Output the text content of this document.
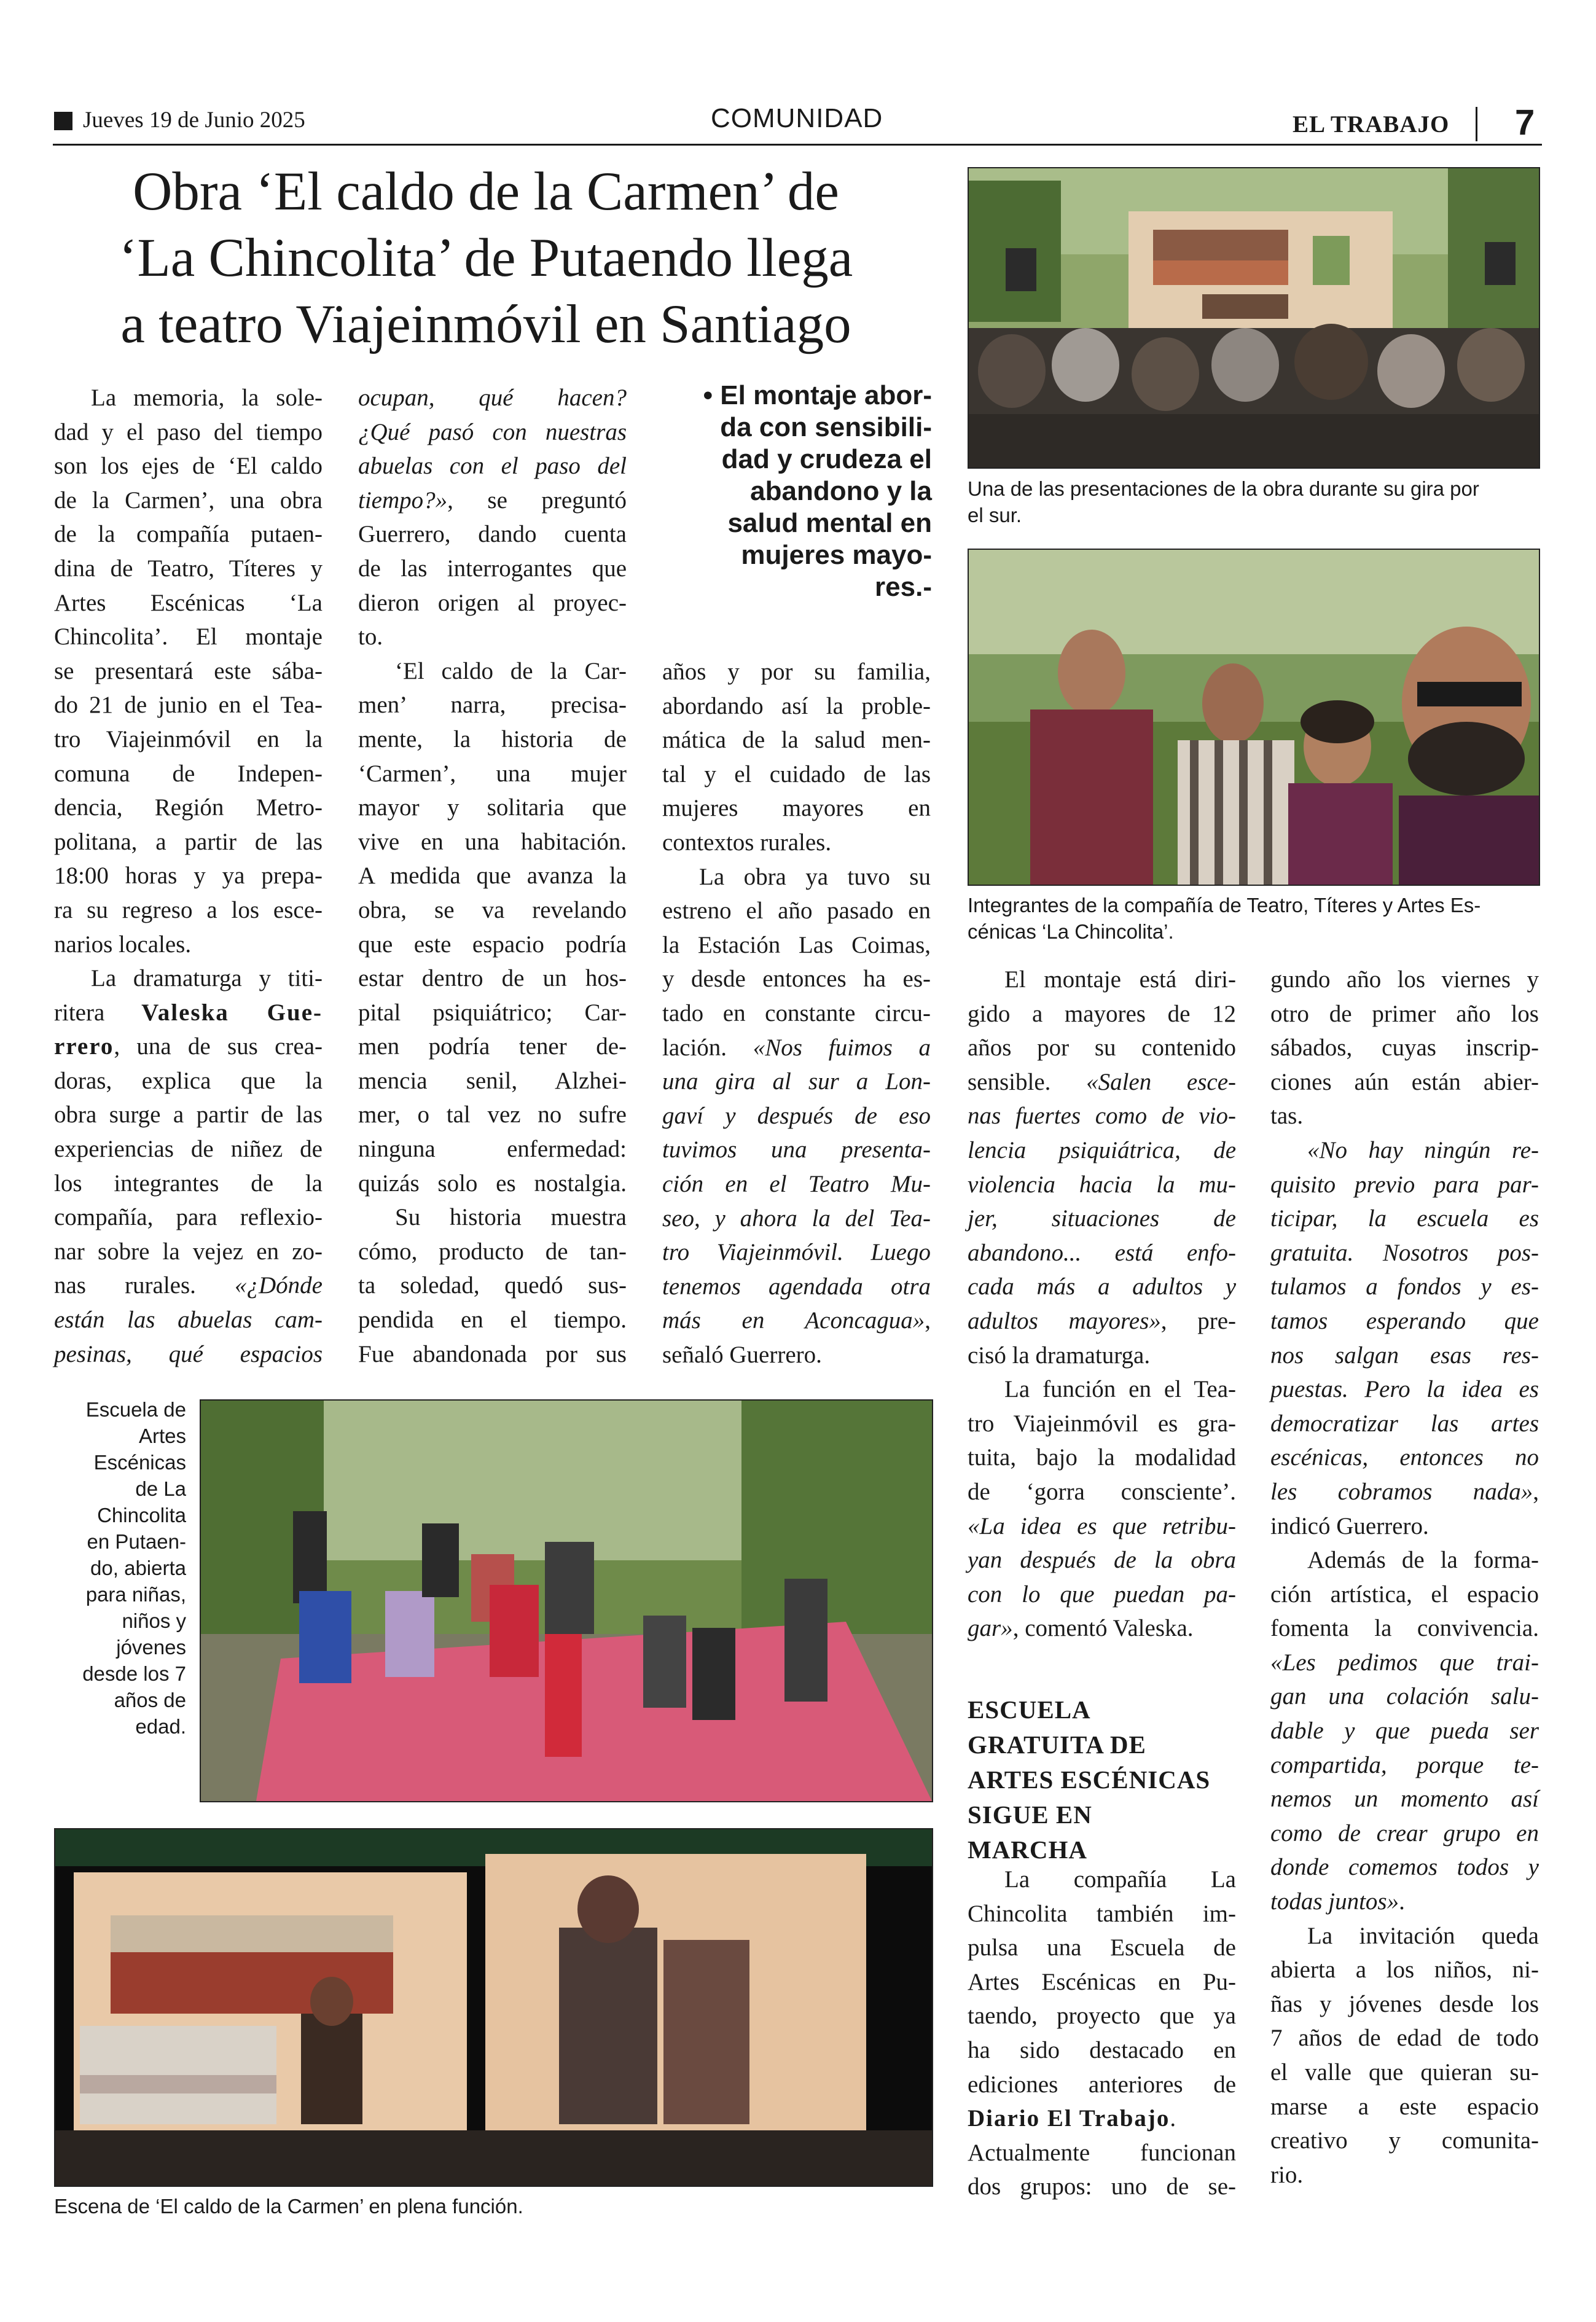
Jueves 19 de Junio 2025	COMUNIDAD	EL TRABAJO 7
Obra ‘El caldo de la Carmen’ de
‘La Chincolita’ de Putaendo llega
a teatro Viajeinmóvil en Santiago
La memoria, la sole-
dad y el paso del tiempo
son los ejes de ‘El caldo
de la Carmen’, una obra
de la compañía putaen-
dina de Teatro, Títeres y
Artes Escénicas ‘La
Chincolita’. El montaje
se presentará este sába-
do 21 de junio en el Tea-
tro Viajeinmóvil en la
comuna de Indepen-
dencia, Región Metro-
politana, a partir de las
18:00 horas y ya prepa-
ra su regreso a los esce-
narios locales.
La dramaturga y titi-
ritera Valeska Gue-
rrero, una de sus crea-
doras, explica que la
obra surge a partir de las
experiencias de niñez de
los integrantes de la
compañía, para reflexio-
nar sobre la vejez en zo-
nas rurales. «¿Dónde
están las abuelas cam-
pesinas, qué espacios
ocupan, qué hacen?
¿Qué pasó con nuestras
abuelas con el paso del
tiempo?», se preguntó
Guerrero, dando cuenta
de las interrogantes que
dieron origen al proyec-
to.
‘El caldo de la Car-
men’ narra, precisa-
mente, la historia de
‘Carmen’, una mujer
mayor y solitaria que
vive en una habitación.
A medida que avanza la
obra, se va revelando
que este espacio podría
estar dentro de un hos-
pital psiquiátrico; Car-
men podría tener de-
mencia senil, Alzhei-
mer, o tal vez no sufre
ninguna enfermedad:
quizás solo es nostalgia.
Su historia muestra
cómo, producto de tan-
ta soledad, quedó sus-
pendida en el tiempo.
Fue abandonada por sus
• El montaje abor-
da con sensibili-
dad y crudeza el
abandono y la
salud mental en
mujeres mayo-
res.-
años y por su familia,
abordando así la proble-
mática de la salud men-
tal y el cuidado de las
mujeres mayores en
contextos rurales.
La obra ya tuvo su
estreno el año pasado en
la Estación Las Coimas,
y desde entonces ha es-
tado en constante circu-
lación. «Nos fuimos a
una gira al sur a Lon-
gaví y después de eso
tuvimos una presenta-
ción en el Teatro Mu-
seo, y ahora la del Tea-
tro Viajeinmóvil. Luego
tenemos agendada otra
más en Aconcagua»,
señaló Guerrero.
Una de las presentaciones de la obra durante su gira por
el sur.
Integrantes de la compañía de Teatro, Títeres y Artes Es-
cénicas ‘La Chincolita’.
El montaje está diri-
gido a mayores de 12
años por su contenido
sensible. «Salen esce-
nas fuertes como de vio-
lencia psiquiátrica, de
violencia hacia la mu-
jer, situaciones de
abandono... está enfo-
cada más a adultos y
adultos mayores», pre-
cisó la dramaturga.
La función en el Tea-
tro Viajeinmóvil es gra-
tuita, bajo la modalidad
de ‘gorra consciente’.
«La idea es que retribu-
yan después de la obra
con lo que puedan pa-
gar», comentó Valeska.
ESCUELA
GRATUITA DE
ARTES ESCÉNICAS
SIGUE EN
MARCHA
La compañía La
Chincolita también im-
pulsa una Escuela de
Artes Escénicas en Pu-
taendo, proyecto que ya
ha sido destacado en
ediciones anteriores de
Diario El Trabajo.
Actualmente funcionan
dos grupos: uno de se-
gundo año los viernes y
otro de primer año los
sábados, cuyas inscrip-
ciones aún están abier-
tas.
«No hay ningún re-
quisito previo para par-
ticipar, la escuela es
gratuita. Nosotros pos-
tulamos a fondos y es-
tamos esperando que
nos salgan esas res-
puestas. Pero la idea es
democratizar las artes
escénicas, entonces no
les cobramos nada»,
indicó Guerrero.
Además de la forma-
ción artística, el espacio
fomenta la convivencia.
«Les pedimos que trai-
gan una colación salu-
dable y que pueda ser
compartida, porque te-
nemos un momento así
como de crear grupo en
donde comemos todos y
todas juntos».
La invitación queda
abierta a los niños, ni-
ñas y jóvenes desde los
7 años de edad de todo
el valle que quieran su-
marse a este espacio
creativo y comunita-
rio.
Escuela de
Artes
Escénicas
de La
Chincolita
en Putaen-
do, abierta
para niñas,
niños y
jóvenes
desde los 7
años de
edad.
Escena de ‘El caldo de la Carmen’ en plena función.
